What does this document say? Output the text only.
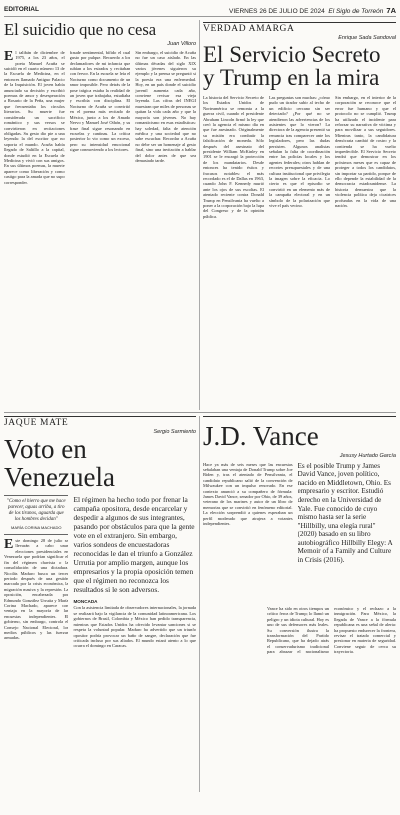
EDITORIAL	VIERNES 26 DE JULIO DE 2024 El Siglo de Torreón 7A
El suicidio que no cesa
Juan Villoro
El talibán de diciembre de 1975, a los 23 años, el poeta Manuel Acuña se suicidó en el cuarto número 13 de la Escuela de Medicina, en el entonces llamado Antiguo Palacio de la Inquisición. El joven había anunciado su decisión y escribió poemas de amor y desesperación a Rosario de la Peña, una mujer que frecuentaba los círculos literarios. Su muerte fue considerada un sacrificio romántico y sus versos se convirtieron en recitaciones obligadas. Su gesto dio pie a una leyenda: la del escritor que no soporta el mundo. Acuña había llegado de Saltillo a la capital, donde estudió en la Escuela de Medicina y vivió con sus amigos. En sus últimos poemas, la muerte aparece como liberación y como castigo para la amada que no supo corresponder.
fraude sentimental, bífido el cual gusto por pulque. Recuerdo a los declamadores de mi infancia que subían a los estrados y recitaban con fervor. En la escuela se leía el Nocturno como documento de un amor imposible. Pero detrás de la pose trágica estaba la realidad de un joven que trabajaba, estudiaba y escribía con disciplina. El Nocturno de Acuña se convirtió en el poema más recitado de México, junto a los de Amado Nervo y Manuel José Othón, y su frase final sigue resonando en escuelas y cantinas. La crítica posterior lo vio como un exceso, pero su intensidad emocional sigue conmoviendo a los lectores.
Sin embargo, el suicidio de Acuña no fue un caso aislado. En las últimas décadas del siglo XIX varios jóvenes siguieron su ejemplo y la prensa se preguntó si la poesía era una enfermedad. Hoy, en un país donde el suicidio juvenil aumenta cada año, conviene revisar esa vieja leyenda. Las cifras del INEGI muestran que miles de personas se quitan la vida cada año y que la mayoría son jóvenes. No hay romanticismo en esas estadísticas: hay soledad, falta de atención médica y una sociedad que no sabe escuchar. Recordar a Acuña no debe ser un homenaje al gesto final, sino una invitación a hablar del dolor antes de que sea demasiado tarde.
VERDAD AMARGA
Enrique Sada Sandoval
El Servicio Secreto y Trump en la mira
La historia del Servicio Secreto de los Estados Unidos de Norteamérica se remonta a la guerra civil, cuando el presidente Abraham Lincoln firmó la ley que creó la agencia el mismo día en que fue asesinado. Originalmente su misión era combatir la falsificación de moneda. Sólo después del asesinato del presidente William McKinley en 1901 se le encargó la protección de los mandatarios. Desde entonces ha tenido éxitos y fracasos notables: el más recordado es el de Dallas en 1963, cuando John F. Kennedy murió ante los ojos de sus escoltas. El atentado reciente contra Donald Trump en Pensilvania ha vuelto a poner a la corporación bajo la lupa del Congreso y de la opinión pública.
Las preguntas son muchas: ¿cómo pudo un tirador subir al techo de un edificio cercano sin ser detectado? ¿Por qué no se atendieron las advertencias de los asistentes que lo vieron? La directora de la agencia presentó su renuncia tras comparecer ante los legisladores, pero las dudas persisten. Algunos analistas señalan la falta de coordinación entre las policías locales y los agentes federales; otros hablan de recortes presupuestales y de una cultura institucional que privilegia la imagen sobre la eficacia. Lo cierto es que el episodio se convirtió en un elemento más de la campaña electoral y en un símbolo de la polarización que vive el país vecino.
Sin embargo, en el interior de la corporación se reconoce que el error fue humano y que el protocolo no se cumplió. Trump ha utilizado el incidente para reforzar su narrativa de víctima y para movilizar a sus seguidores. Mientras tanto, la candidatura demócrata cambió de rostro y la contienda se ha vuelto impredecible. El Servicio Secreto tendrá que demostrar en los próximos meses que es capaz de proteger a todos los candidatos, sin importar su partido, porque de ello depende la estabilidad de la democracia estadounidense. La historia demuestra que la violencia política deja cicatrices profundas en la vida de una nación.
JAQUE MATE
Sergio Sarmiento
Voto en Venezuela
"Como el hierro que me hace parecer, aguas arriba, a tiro de los tiranos, aguarda que los hombres decidan"
MARÍA CORINA MACHADO
E ste domingo 28 de julio se llevarán a cabo unas elecciones presidenciales en Venezuela que podrían significar el fin del régimen chavista o la consolidación de una dictadura. Nicolás Maduro busca un tercer periodo después de una gestión marcada por la crisis económica, la migración masiva y la represión. La oposición, encabezada por Edmundo González Urrutia y María Corina Machado, aparece con ventaja en la mayoría de las encuestas independientes. El gobierno, sin embargo, controla el Consejo Nacional Electoral, los medios públicos y las fuerzas armadas.
El régimen ha hecho todo por frenar la campaña opositora, desde encarcelar y despedir a algunos de sus integrantes, pasando por obstáculos para que la gente vote en el extranjero. Sin embargo, varios sondeos de encuestadoras reconocidas le dan el triunfo a González Urrutia por amplio margen, aunque los empresarios y la propia oposición temen que el régimen no reconozca los resultados si le son adversos.
MONCADA
Con la asistencia limitada de observadores internacionales, la jornada se realizará bajo la vigilancia de la comunidad latinoamericana. Los gobiernos de Brasil, Colombia y México han pedido transparencia, mientras que Estados Unidos ha ofrecido levantar sanciones si se respeta la voluntad popular. Maduro ha advertido que un triunfo opositor podría provocar un baño de sangre, declaración que fue criticada incluso por sus aliados. El mundo estará atento a lo que ocurra el domingo en Caracas.
J.D. Vance
Jesusy Hurtado García
Hace ya más de seis meses que las encuestas señalaban una ventaja de Donald Trump sobre Joe Biden y, tras el atentado de Pensilvania, el candidato republicano salió de la convención de Milwaukee con un impulso renovado. En ese contexto anunció a su compañero de fórmula: James David Vance, senador por Ohio, de 39 años, veterano de los marines y autor de un libro de memorias que se convirtió en fenómeno editorial. La elección sorprendió a quienes esperaban un perfil moderado que atrajera a votantes independientes.
Es el posible Trump y James David Vance, joven político, nacido en Middletown, Ohio. Es empresario y escritor. Estudió derecho en la Universidad de Yale. Fue conocido de cuyo mismo hasta ser la serie "Hillbilly, una elegía rural" (2020) basado en su libro autobiográfico Hillbilly Elegy: A Memoir of a Family and Culture in Crisis (2016).
Vance ha sido en otros tiempos un crítico feroz de Trump; lo llamó un peligro y un idiota cultural. Hoy es uno de sus defensores más leales. Su conversión ilustra la transformación del Partido Republicano, que ha dejado atrás el conservadurismo tradicional para abrazar el nacionalismo económico y el rechazo a la inmigración. Para México, la llegada de Vance a la fórmula republicana es una señal de alerta: ha propuesto endurecer la frontera, revisar el tratado comercial y presionar en materia de seguridad. Conviene seguir de cerca su trayectoria.
